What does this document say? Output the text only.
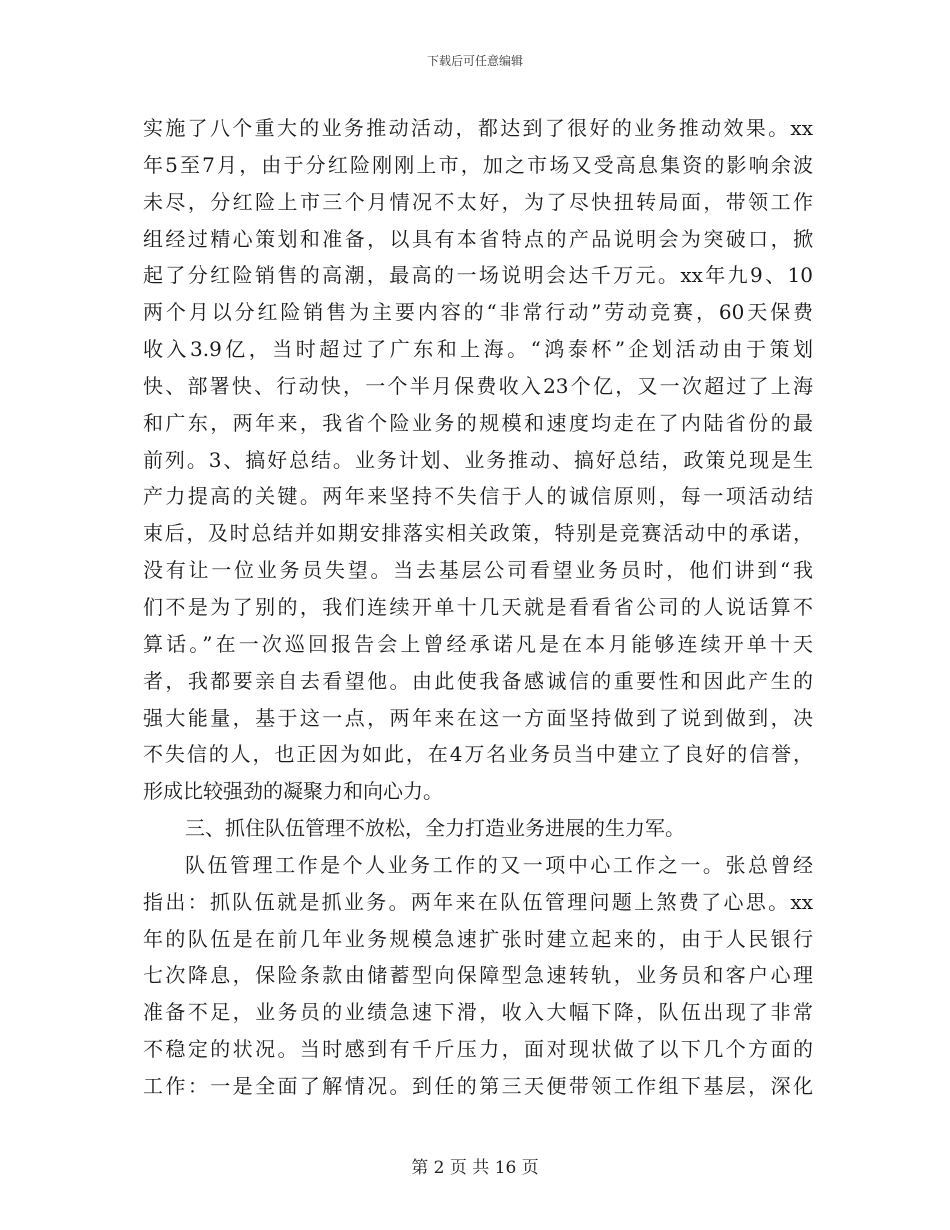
下载后可任意编辑
实施了八个重大的业务推动活动，都达到了很好的业务推动效果。xx
年5至7月，由于分红险刚刚上市，加之市场又受高息集资的影响余波
未尽，分红险上市三个月情况不太好，为了尽快扭转局面，带领工作
组经过精心策划和准备，以具有本省特点的产品说明会为突破口，掀
起了分红险销售的高潮，最高的一场说明会达千万元。xx年九9、10
两个月以分红险销售为主要内容的“非常行动”劳动竞赛，60天保费
收入3.9亿，当时超过了广东和上海。“鸿泰杯”企划活动由于策划
快、部署快、行动快，一个半月保费收入23个亿，又一次超过了上海
和广东，两年来，我省个险业务的规模和速度均走在了内陆省份的最
前列。3、搞好总结。业务计划、业务推动、搞好总结，政策兑现是生
产力提高的关键。两年来坚持不失信于人的诚信原则，每一项活动结
束后，及时总结并如期安排落实相关政策，特别是竞赛活动中的承诺，
没有让一位业务员失望。当去基层公司看望业务员时，他们讲到“我
们不是为了别的，我们连续开单十几天就是看看省公司的人说话算不
算话。”在一次巡回报告会上曾经承诺凡是在本月能够连续开单十天
者，我都要亲自去看望他。由此使我备感诚信的重要性和因此产生的
强大能量，基于这一点，两年来在这一方面坚持做到了说到做到，决
不失信的人，也正因为如此，在4万名业务员当中建立了良好的信誉，
形成比较强劲的凝聚力和向心力。
三、抓住队伍管理不放松，全力打造业务进展的生力军。
队伍管理工作是个人业务工作的又一项中心工作之一。张总曾经
指出：抓队伍就是抓业务。两年来在队伍管理问题上煞费了心思。xx
年的队伍是在前几年业务规模急速扩张时建立起来的，由于人民银行
七次降息，保险条款由储蓄型向保障型急速转轨，业务员和客户心理
准备不足，业务员的业绩急速下滑，收入大幅下降，队伍出现了非常
不稳定的状况。当时感到有千斤压力，面对现状做了以下几个方面的
工作：一是全面了解情况。到任的第三天便带领工作组下基层，深化
第 2 页 共 16 页
